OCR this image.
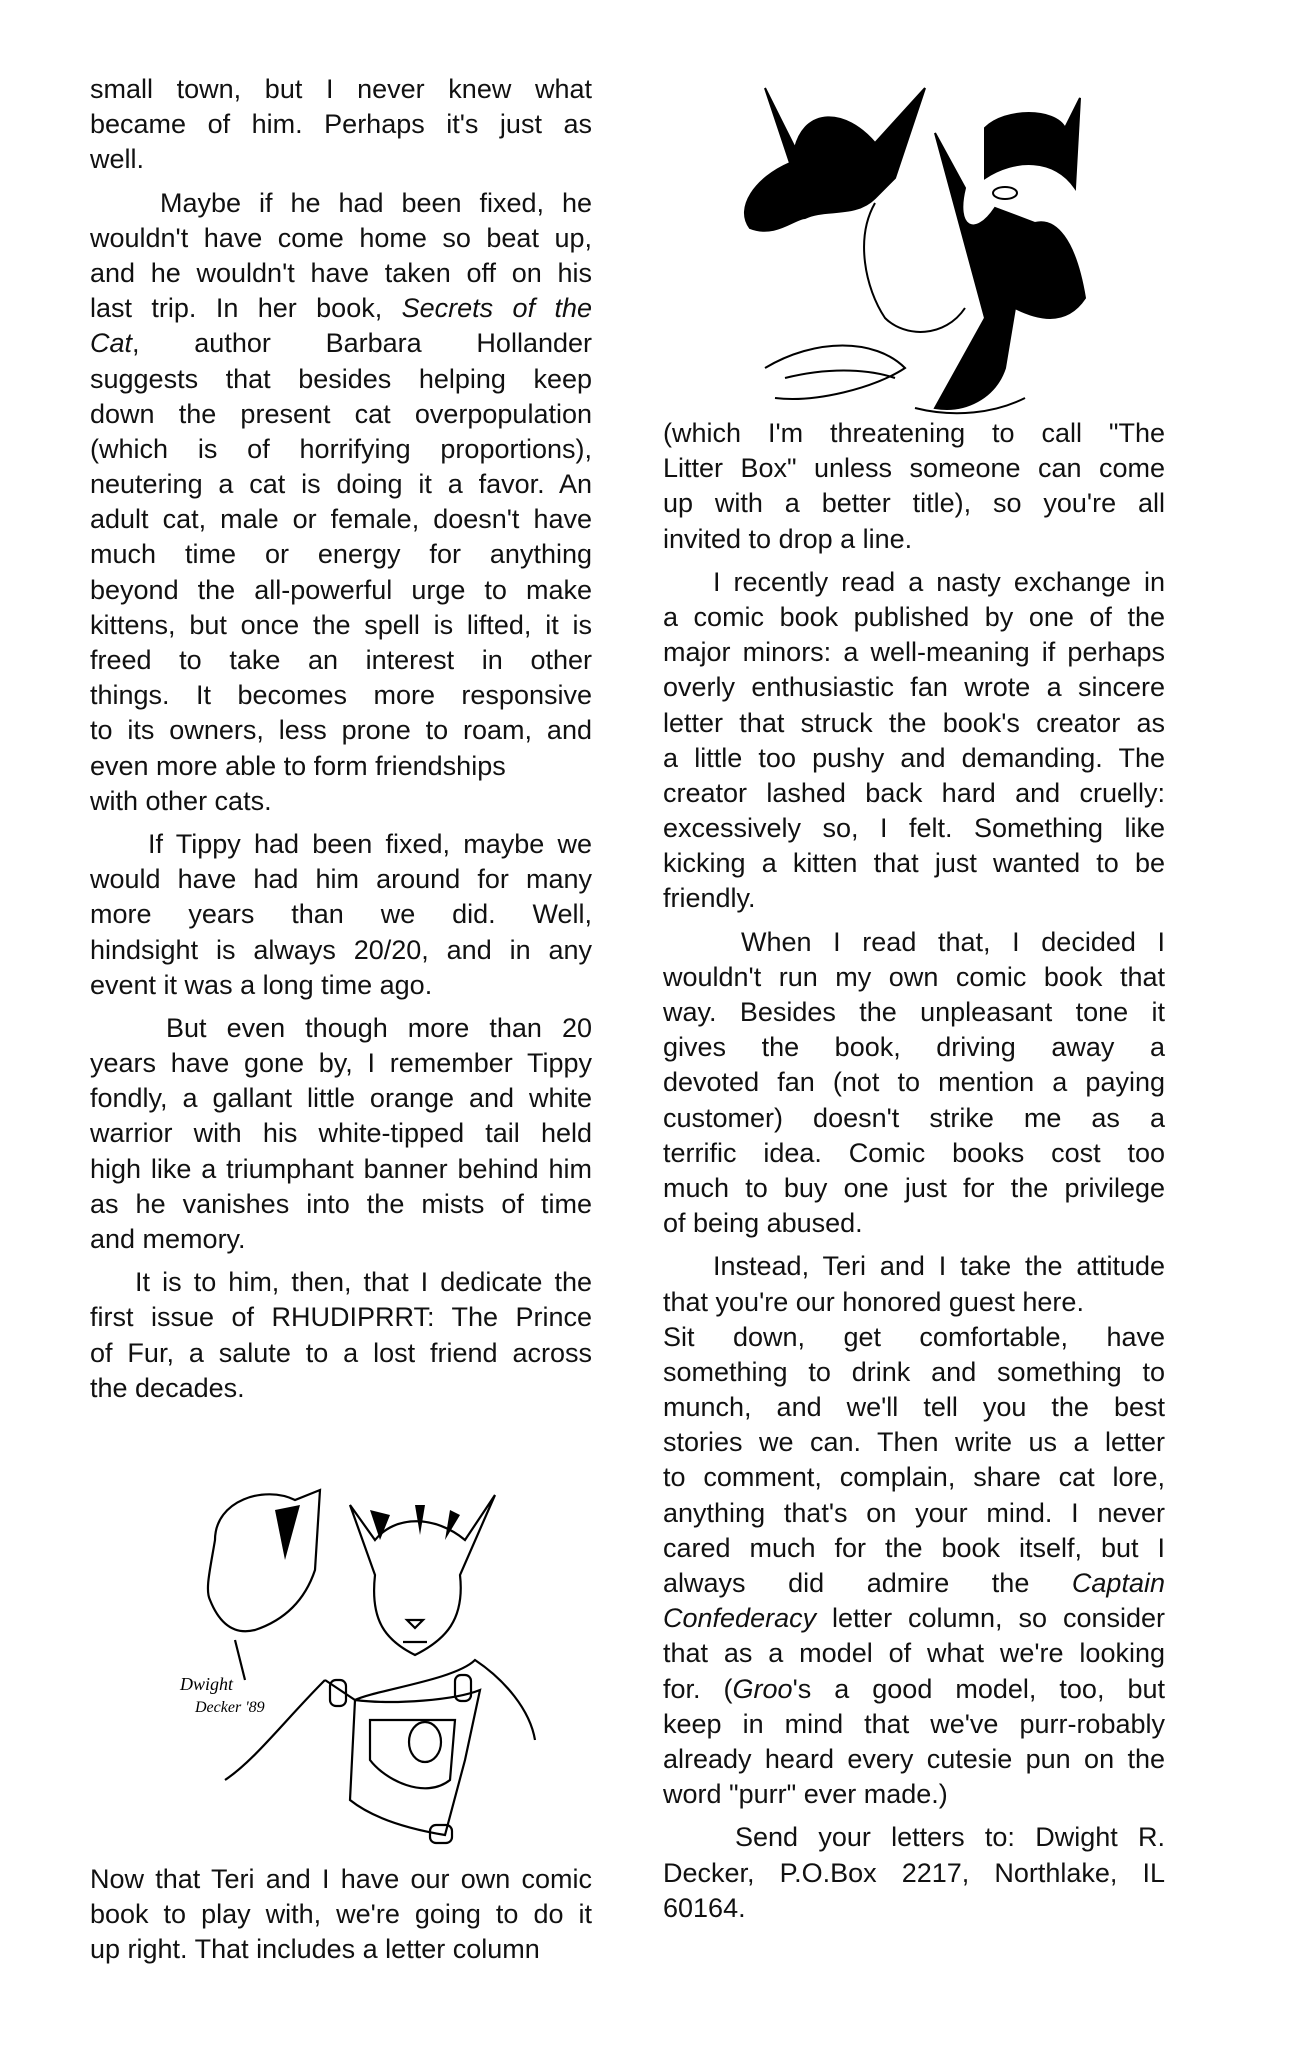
Dwight
Decker '89
small town, but I never knew what
became of him. Perhaps it's just as
well.
Maybe if he had been fixed, he
wouldn't have come home so beat up,
and he wouldn't have taken off on his
last trip. In her book, Secrets of the
Cat, author Barbara Hollander
suggests that besides helping keep
down the present cat overpopulation
(which is of horrifying proportions),
neutering a cat is doing it a favor. An
adult cat, male or female, doesn't have
much time or energy for anything
beyond the all-powerful urge to make
kittens, but once the spell is lifted, it is
freed to take an interest in other
things. It becomes more responsive
to its owners, less prone to roam, and
even more able to form friendships
with other cats.
If Tippy had been fixed, maybe we
would have had him around for many
more years than we did. Well,
hindsight is always 20/20, and in any
event it was a long time ago.
But even though more than 20
years have gone by, I remember Tippy
fondly, a gallant little orange and white
warrior with his white-tipped tail held
high like a triumphant banner behind him
as he vanishes into the mists of time
and memory.
It is to him, then, that I dedicate the
first issue of RHUDIPRRT: The Prince
of Fur, a salute to a lost friend across
the decades.
Now that Teri and I have our own comic
book to play with, we're going to do it
up right. That includes a letter column
(which I'm threatening to call "The
Litter Box" unless someone can come
up with a better title), so you're all
invited to drop a line.
I recently read a nasty exchange in
a comic book published by one of the
major minors: a well-meaning if perhaps
overly enthusiastic fan wrote a sincere
letter that struck the book's creator as
a little too pushy and demanding. The
creator lashed back hard and cruelly:
excessively so, I felt. Something like
kicking a kitten that just wanted to be
friendly.
When I read that, I decided I
wouldn't run my own comic book that
way. Besides the unpleasant tone it
gives the book, driving away a
devoted fan (not to mention a paying
customer) doesn't strike me as a
terrific idea. Comic books cost too
much to buy one just for the privilege
of being abused.
Instead, Teri and I take the attitude
that you're our honored guest here.
Sit down, get comfortable, have
something to drink and something to
munch, and we'll tell you the best
stories we can. Then write us a letter
to comment, complain, share cat lore,
anything that's on your mind. I never
cared much for the book itself, but I
always did admire the Captain
Confederacy letter column, so consider
that as a model of what we're looking
for. (Groo's a good model, too, but
keep in mind that we've purr-robably
already heard every cutesie pun on the
word "purr" ever made.)
Send your letters to: Dwight R.
Decker, P.O.Box 2217, Northlake, IL
60164.
